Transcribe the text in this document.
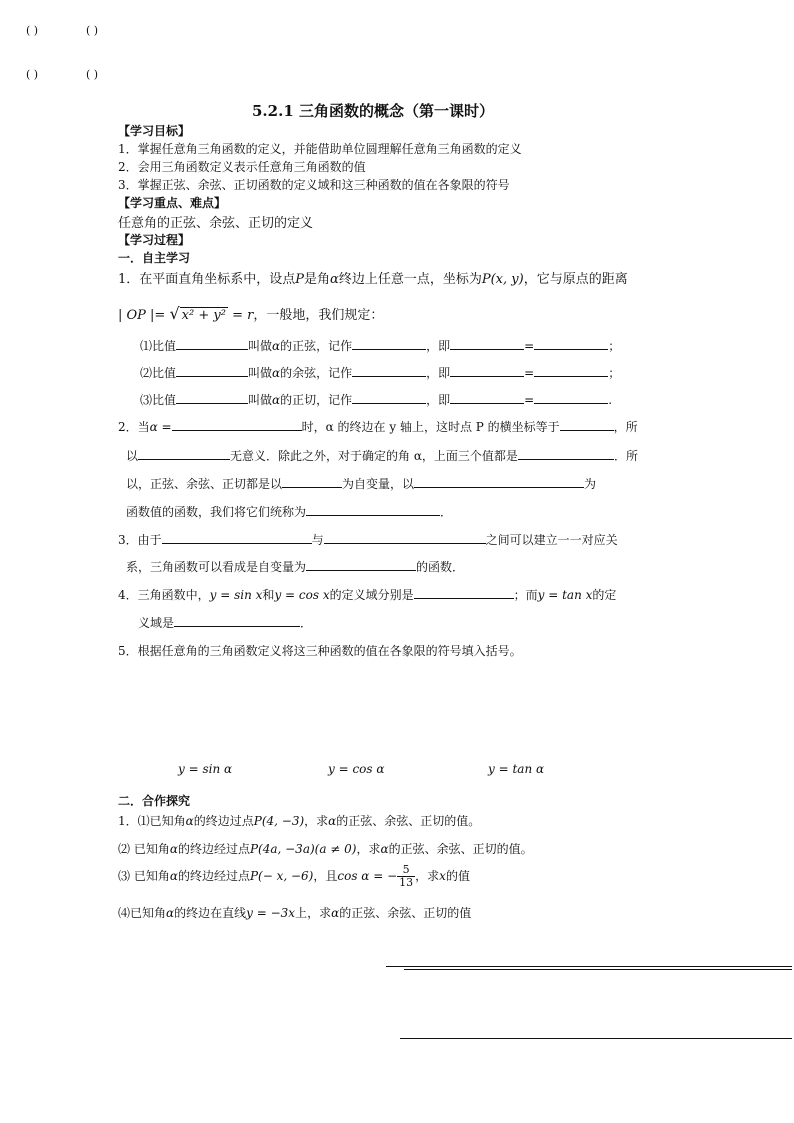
( )	( )
( )	( )
5.2.1 三角函数的概念（第一课时）
【学习目标】
1．掌握任意角三角函数的定义，并能借助单位圆理解任意角三角函数的定义
2．会用三角函数定义表示任意角三角函数的值
3．掌握正弦、余弦、正切函数的定义域和这三种函数的值在各象限的符号
【学习重点、难点】
任意角的正弦、余弦、正切的定义
【学习过程】
一．自主学习
1．在平面直角坐标系中，设点P是角α终边上任意一点，坐标为P(x, y)，它与原点的距离
| OP |= √ x² + y² = r，一般地，我们规定：
⑴比值	叫做α的正弦，记作	，即	=	；
⑵比值	叫做α的余弦，记作	，即	=	；
⑶比值	叫做α的正切，记作	，即	=	.
2．当α =	时，α 的终边在 y 轴上，这时点 P 的横坐标等于	，所
以	无意义．除此之外，对于确定的角 α，上面三个值都是	．所
以，正弦、余弦、正切都是以	为自变量，以	为
函数值的函数，我们将它们统称为	．
3．由于	与	之间可以建立一一对应关
系，三角函数可以看成是自变量为	的函数．
4．三角函数中，y = sin x和y = cos x的定义域分别是	；而y = tan x的定
义域是	．
5．根据任意角的三角函数定义将这三种函数的值在各象限的符号填入括号。
y = sin α	y = cos α	y = tan α
二．合作探究
1．⑴已知角α的终边过点P(4, −3)，求α的正弦、余弦、正切的值。
⑵ 已知角α的终边经过点P(4a, −3a)(a ≠ 0)，求α的正弦、余弦、正切的值。
⑶ 已知角α的终边经过点P(− x, −6)，且cos α = − $\frac{5}{13}$ ，求x的值
⑷已知角α的终边在直线y = −3x上，求α的正弦、余弦、正切的值
